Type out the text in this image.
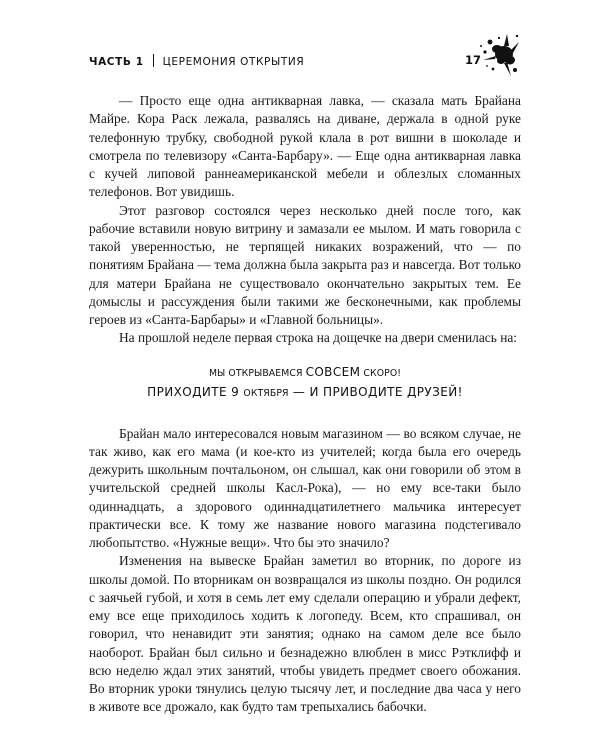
ЧАСТЬ 1 ЦЕРЕМОНИЯ ОТКРЫТИЯ	17

— Просто еще одна антикварная лавка, — сказала мать Брайана Майре. Кора Раск лежала, развалясь на диване, держала в одной руке телефонную трубку, свободной рукой клала в рот вишни в шоколаде и смотрела по телевизору «Санта-Барбару». — Еще одна антикварная лавка с кучей липовой раннеамериканской мебели и облезлых сломанных телефонов. Вот увидишь.

Этот разговор состоялся через несколько дней после того, как рабочие вставили новую витрину и замазали ее мылом. И мать говорила с такой уверенностью, не терпящей никаких возражений, что — по понятиям Брайана — тема должна была закрыта раз и навсегда. Вот только для матери Брайана не существовало окончательно закрытых тем. Ее домыслы и рассуждения были такими же бесконечными, как проблемы героев из «Санта-Барбары» и «Главной больницы».

На прошлой неделе первая строка на дощечке на двери сменилась на:

МЫ ОТКРЫВАЕМСЯ СОВСЕМ СКОРО!
ПРИХОДИТЕ 9 ОКТЯБРЯ — И ПРИВОДИТЕ ДРУЗЕЙ!

Брайан мало интересовался новым магазином — во всяком случае, не так живо, как его мама (и кое-кто из учителей; когда была его очередь дежурить школьным почтальоном, он слышал, как они говорили об этом в учительской средней школы Касл-Рока), — но ему все-таки было одиннадцать, а здорового одиннадцатилетнего мальчика интересует практически все. К тому же название нового магазина подстегивало любопытство. «Нужные вещи». Что бы это значило?

Изменения на вывеске Брайан заметил во вторник, по дороге из школы домой. По вторникам он возвращался из школы поздно. Он родился с заячьей губой, и хотя в семь лет ему сделали операцию и убрали дефект, ему все еще приходилось ходить к логопеду. Всем, кто спрашивал, он говорил, что ненавидит эти занятия; однако на самом деле все было наоборот. Брайан был сильно и безнадежно влюблен в мисс Рэтклифф и всю неделю ждал этих занятий, чтобы увидеть предмет своего обожания. Во вторник уроки тянулись целую тысячу лет, и последние два часа у него в животе все дрожало, как будто там трепыхались бабочки.
